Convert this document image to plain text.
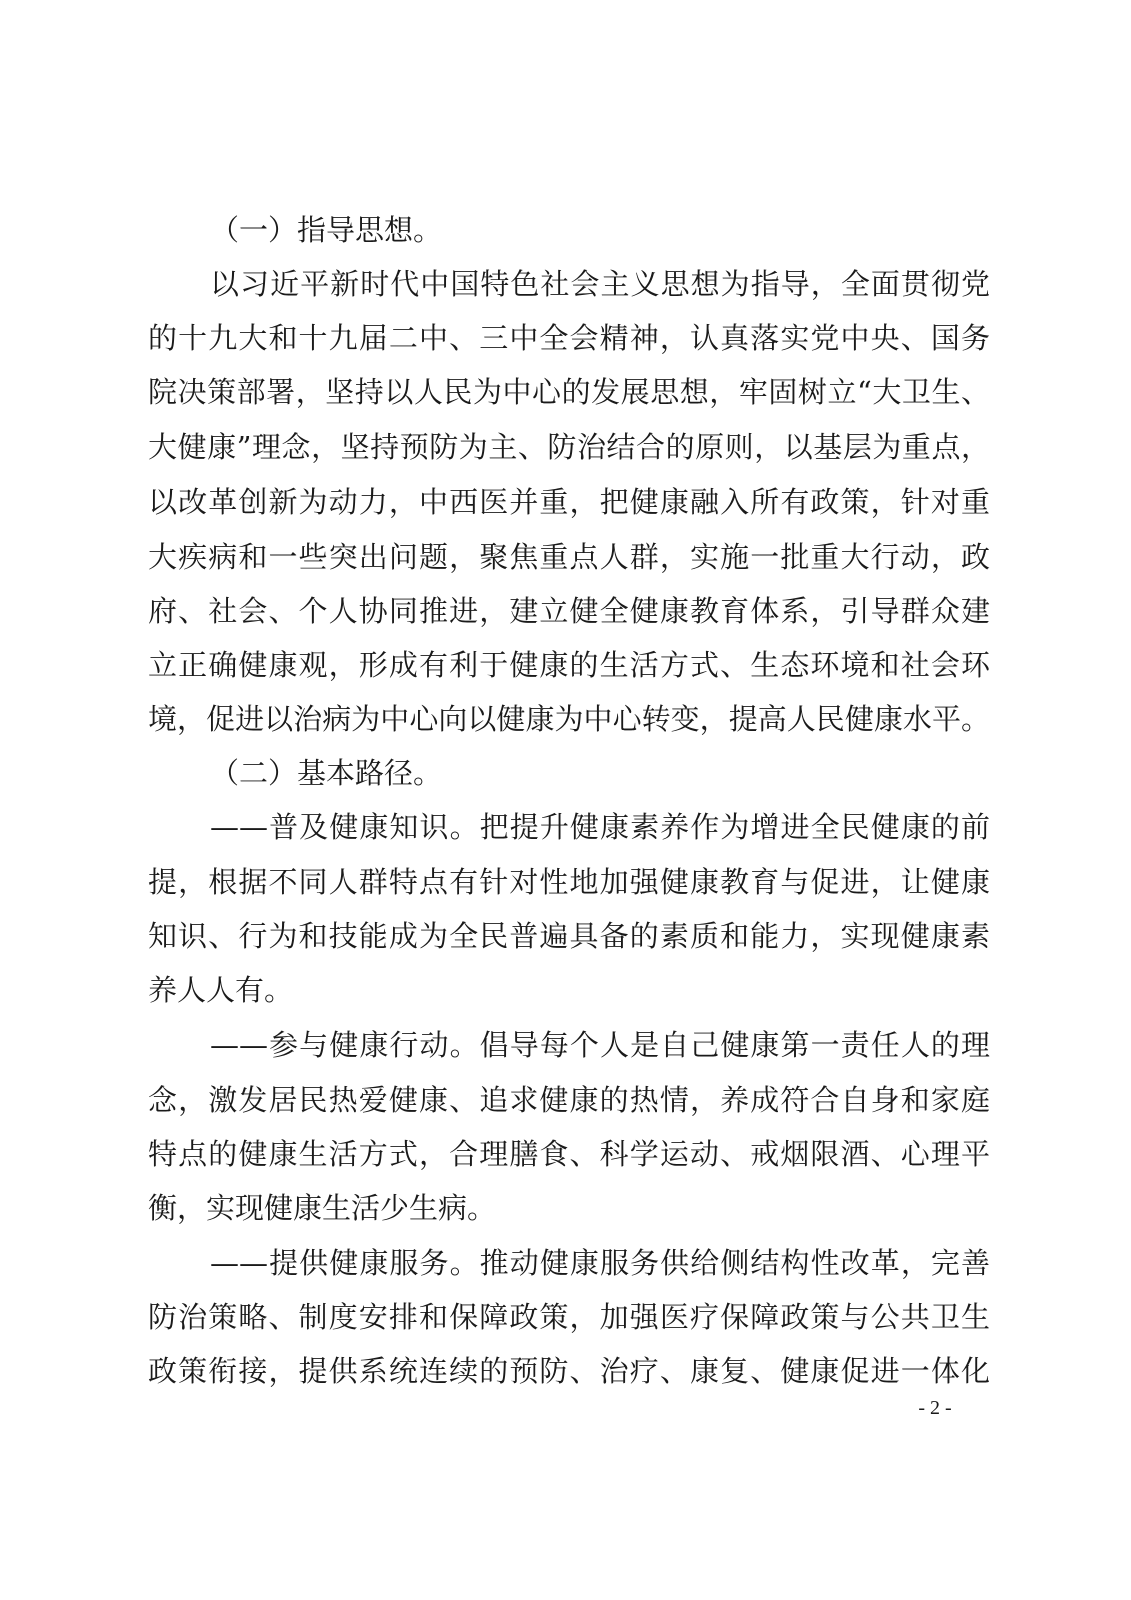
（一）指导思想。
以习近平新时代中国特色社会主义思想为指导，全面贯彻党
的十九大和十九届二中、三中全会精神，认真落实党中央、国务
院决策部署，坚持以人民为中心的发展思想，牢固树立“大卫生、
大健康”理念，坚持预防为主、防治结合的原则，以基层为重点，
以改革创新为动力，中西医并重，把健康融入所有政策，针对重
大疾病和一些突出问题，聚焦重点人群，实施一批重大行动，政
府、社会、个人协同推进，建立健全健康教育体系，引导群众建
立正确健康观，形成有利于健康的生活方式、生态环境和社会环
境，促进以治病为中心向以健康为中心转变，提高人民健康水平。
（二）基本路径。
——普及健康知识。把提升健康素养作为增进全民健康的前
提，根据不同人群特点有针对性地加强健康教育与促进，让健康
知识、行为和技能成为全民普遍具备的素质和能力，实现健康素
养人人有。
——参与健康行动。倡导每个人是自己健康第一责任人的理
念，激发居民热爱健康、追求健康的热情，养成符合自身和家庭
特点的健康生活方式，合理膳食、科学运动、戒烟限酒、心理平
衡，实现健康生活少生病。
——提供健康服务。推动健康服务供给侧结构性改革，完善
防治策略、制度安排和保障政策，加强医疗保障政策与公共卫生
政策衔接，提供系统连续的预防、治疗、康复、健康促进一体化
- 2 -
